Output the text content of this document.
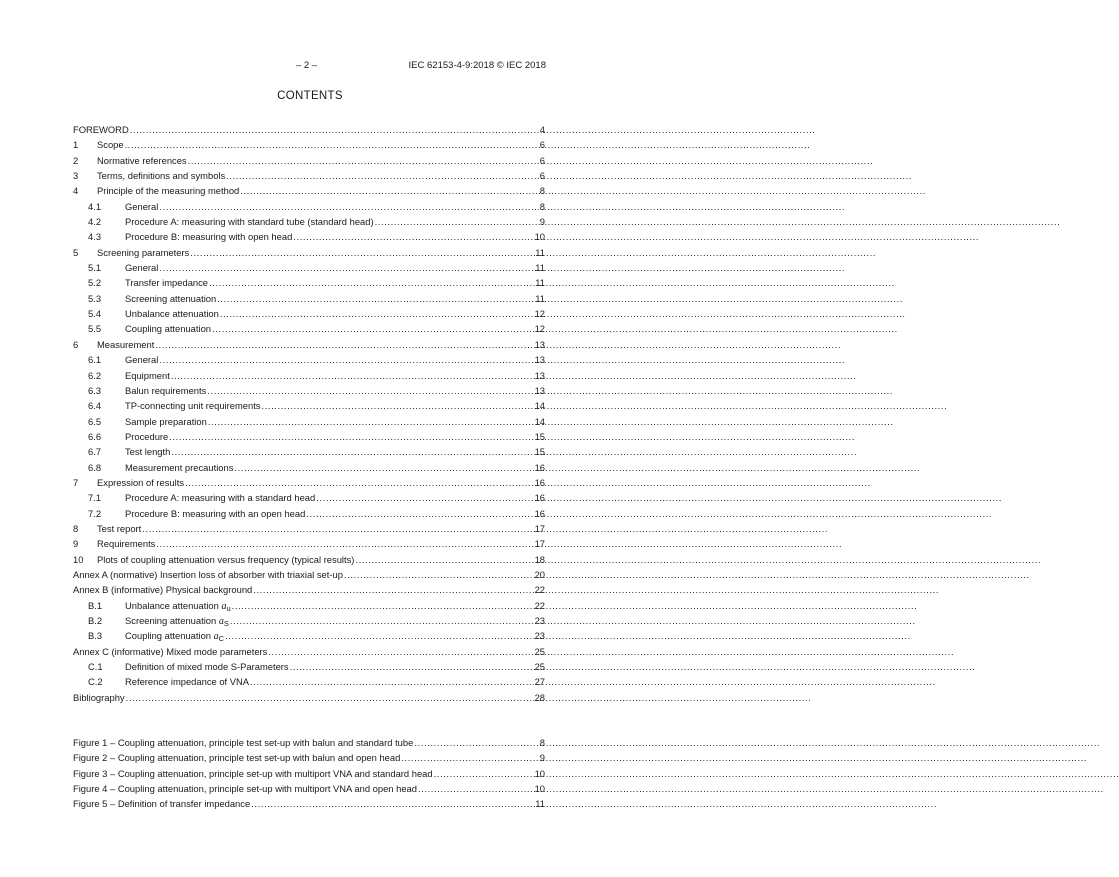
– 2 –	IEC 62153-4-9:2018 © IEC 2018
CONTENTS
FOREWORD .....	4
1	Scope .....	6
2	Normative references .....	6
3	Terms, definitions and symbols .....	6
4	Principle of the measuring method .....	8
4.1	General .....	8
4.2	Procedure A: measuring with standard tube (standard head) .....	9
4.3	Procedure B: measuring with open head .....	10
5	Screening parameters .....	11
5.1	General .....	11
5.2	Transfer impedance .....	11
5.3	Screening attenuation .....	11
5.4	Unbalance attenuation .....	12
5.5	Coupling attenuation .....	12
6	Measurement .....	13
6.1	General .....	13
6.2	Equipment .....	13
6.3	Balun requirements .....	13
6.4	TP-connecting unit requirements .....	14
6.5	Sample preparation .....	14
6.6	Procedure .....	15
6.7	Test length .....	15
6.8	Measurement precautions .....	16
7	Expression of results .....	16
7.1	Procedure A: measuring with a standard head .....	16
7.2	Procedure B: measuring with an open head .....	16
8	Test report .....	17
9	Requirements .....	17
10	Plots of coupling attenuation versus frequency (typical results) .....	18
Annex A (normative) Insertion loss of absorber with triaxial set-up .....	20
Annex B (informative) Physical background .....	22
B.1	Unbalance attenuation $a_u$ .....	22
B.2	Screening attenuation $a_S$ .....	23
B.3	Coupling attenuation $a_C$ .....	23
Annex C (informative) Mixed mode parameters .....	25
C.1	Definition of mixed mode S-Parameters .....	25
C.2	Reference impedance of VNA .....	27
Bibliography .....	28
Figure 1 – Coupling attenuation, principle test set-up with balun and standard tube .....	8
Figure 2 – Coupling attenuation, principle test set-up with balun and open head .....	9
Figure 3 – Coupling attenuation, principle set-up with multiport VNA and standard head .....	10
Figure 4 – Coupling attenuation, principle set-up with multiport VNA and open head .....	10
Figure 5 – Definition of transfer impedance .....	11
